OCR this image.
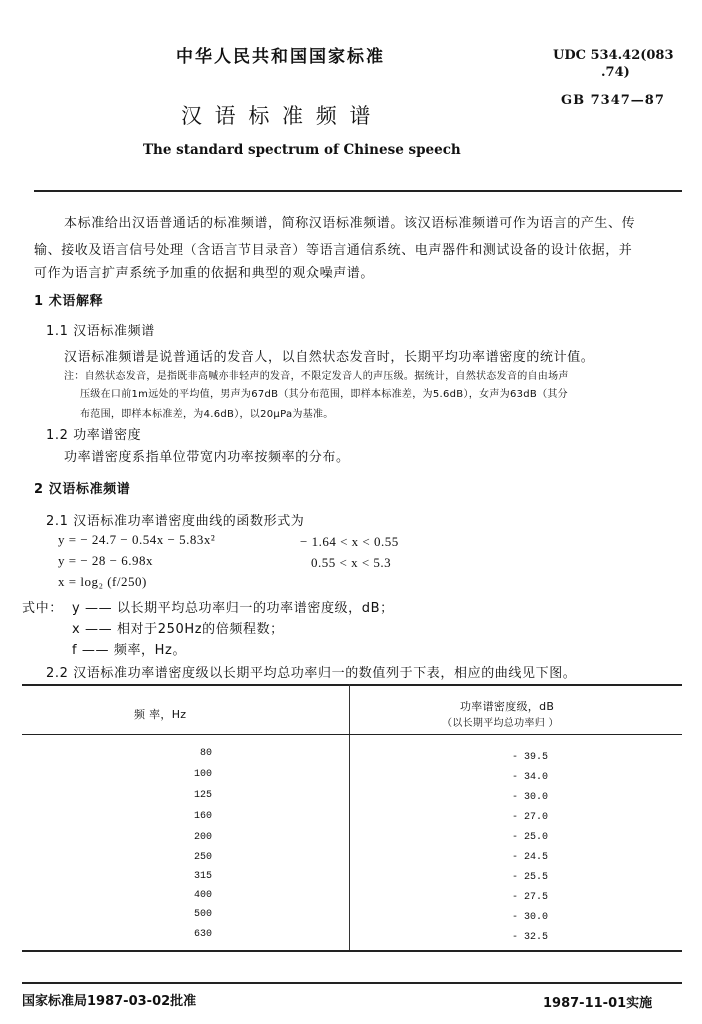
中华人民共和国国家标准	UDC 534.42(083
.74)
GB 7347—87
汉 语 标 准 频 谱
The standard spectrum of Chinese speech
本标准给出汉语普通话的标准频谱，简称汉语标准频谱。该汉语标准频谱可作为语言的产生、传
输、接收及语言信号处理（含语言节目录音）等语言通信系统、电声器件和测试设备的设计依据，并
可作为语言扩声系统予加重的依据和典型的观众噪声谱。
1 术语解释
1.1 汉语标准频谱
汉语标准频谱是说普通话的发音人，以自然状态发音时，长期平均功率谱密度的统计值。
注：自然状态发音，是指既非高喊亦非轻声的发音，不限定发音人的声压级。据统计，自然状态发音的自由场声
压级在口前1m远处的平均值，男声为67dB（其分布范围，即样本标准差，为5.6dB），女声为63dB（其分
布范围，即样本标准差，为4.6dB），以20μPa为基准。
1.2 功率谱密度
功率谱密度系指单位带宽内功率按频率的分布。
2 汉语标准频谱
2.1 汉语标准功率谱密度曲线的函数形式为
y = − 24.7 − 0.54x − 5.83x²	− 1.64 < x < 0.55
y = − 28 − 6.98x	0.55 < x < 5.3
x = log₂ (f/250)
式中： y —— 以长期平均总功率归一的功率谱密度级，dB；
x —— 相对于250Hz的倍频程数；
f —— 频率，Hz。
2.2 汉语标准功率谱密度级以长期平均总功率归一的数值列于下表，相应的曲线见下图。
频 率，Hz
功率谱密度级，dB
（以长期平均总功率归 ）
80	- 39.5
100	- 34.0
125	- 30.0
160	- 27.0
200	- 25.0
250	- 24.5
315	- 25.5
400	- 27.5
500	- 30.0
630	- 32.5
国家标准局1987-03-02批准	1987-11-01实施
